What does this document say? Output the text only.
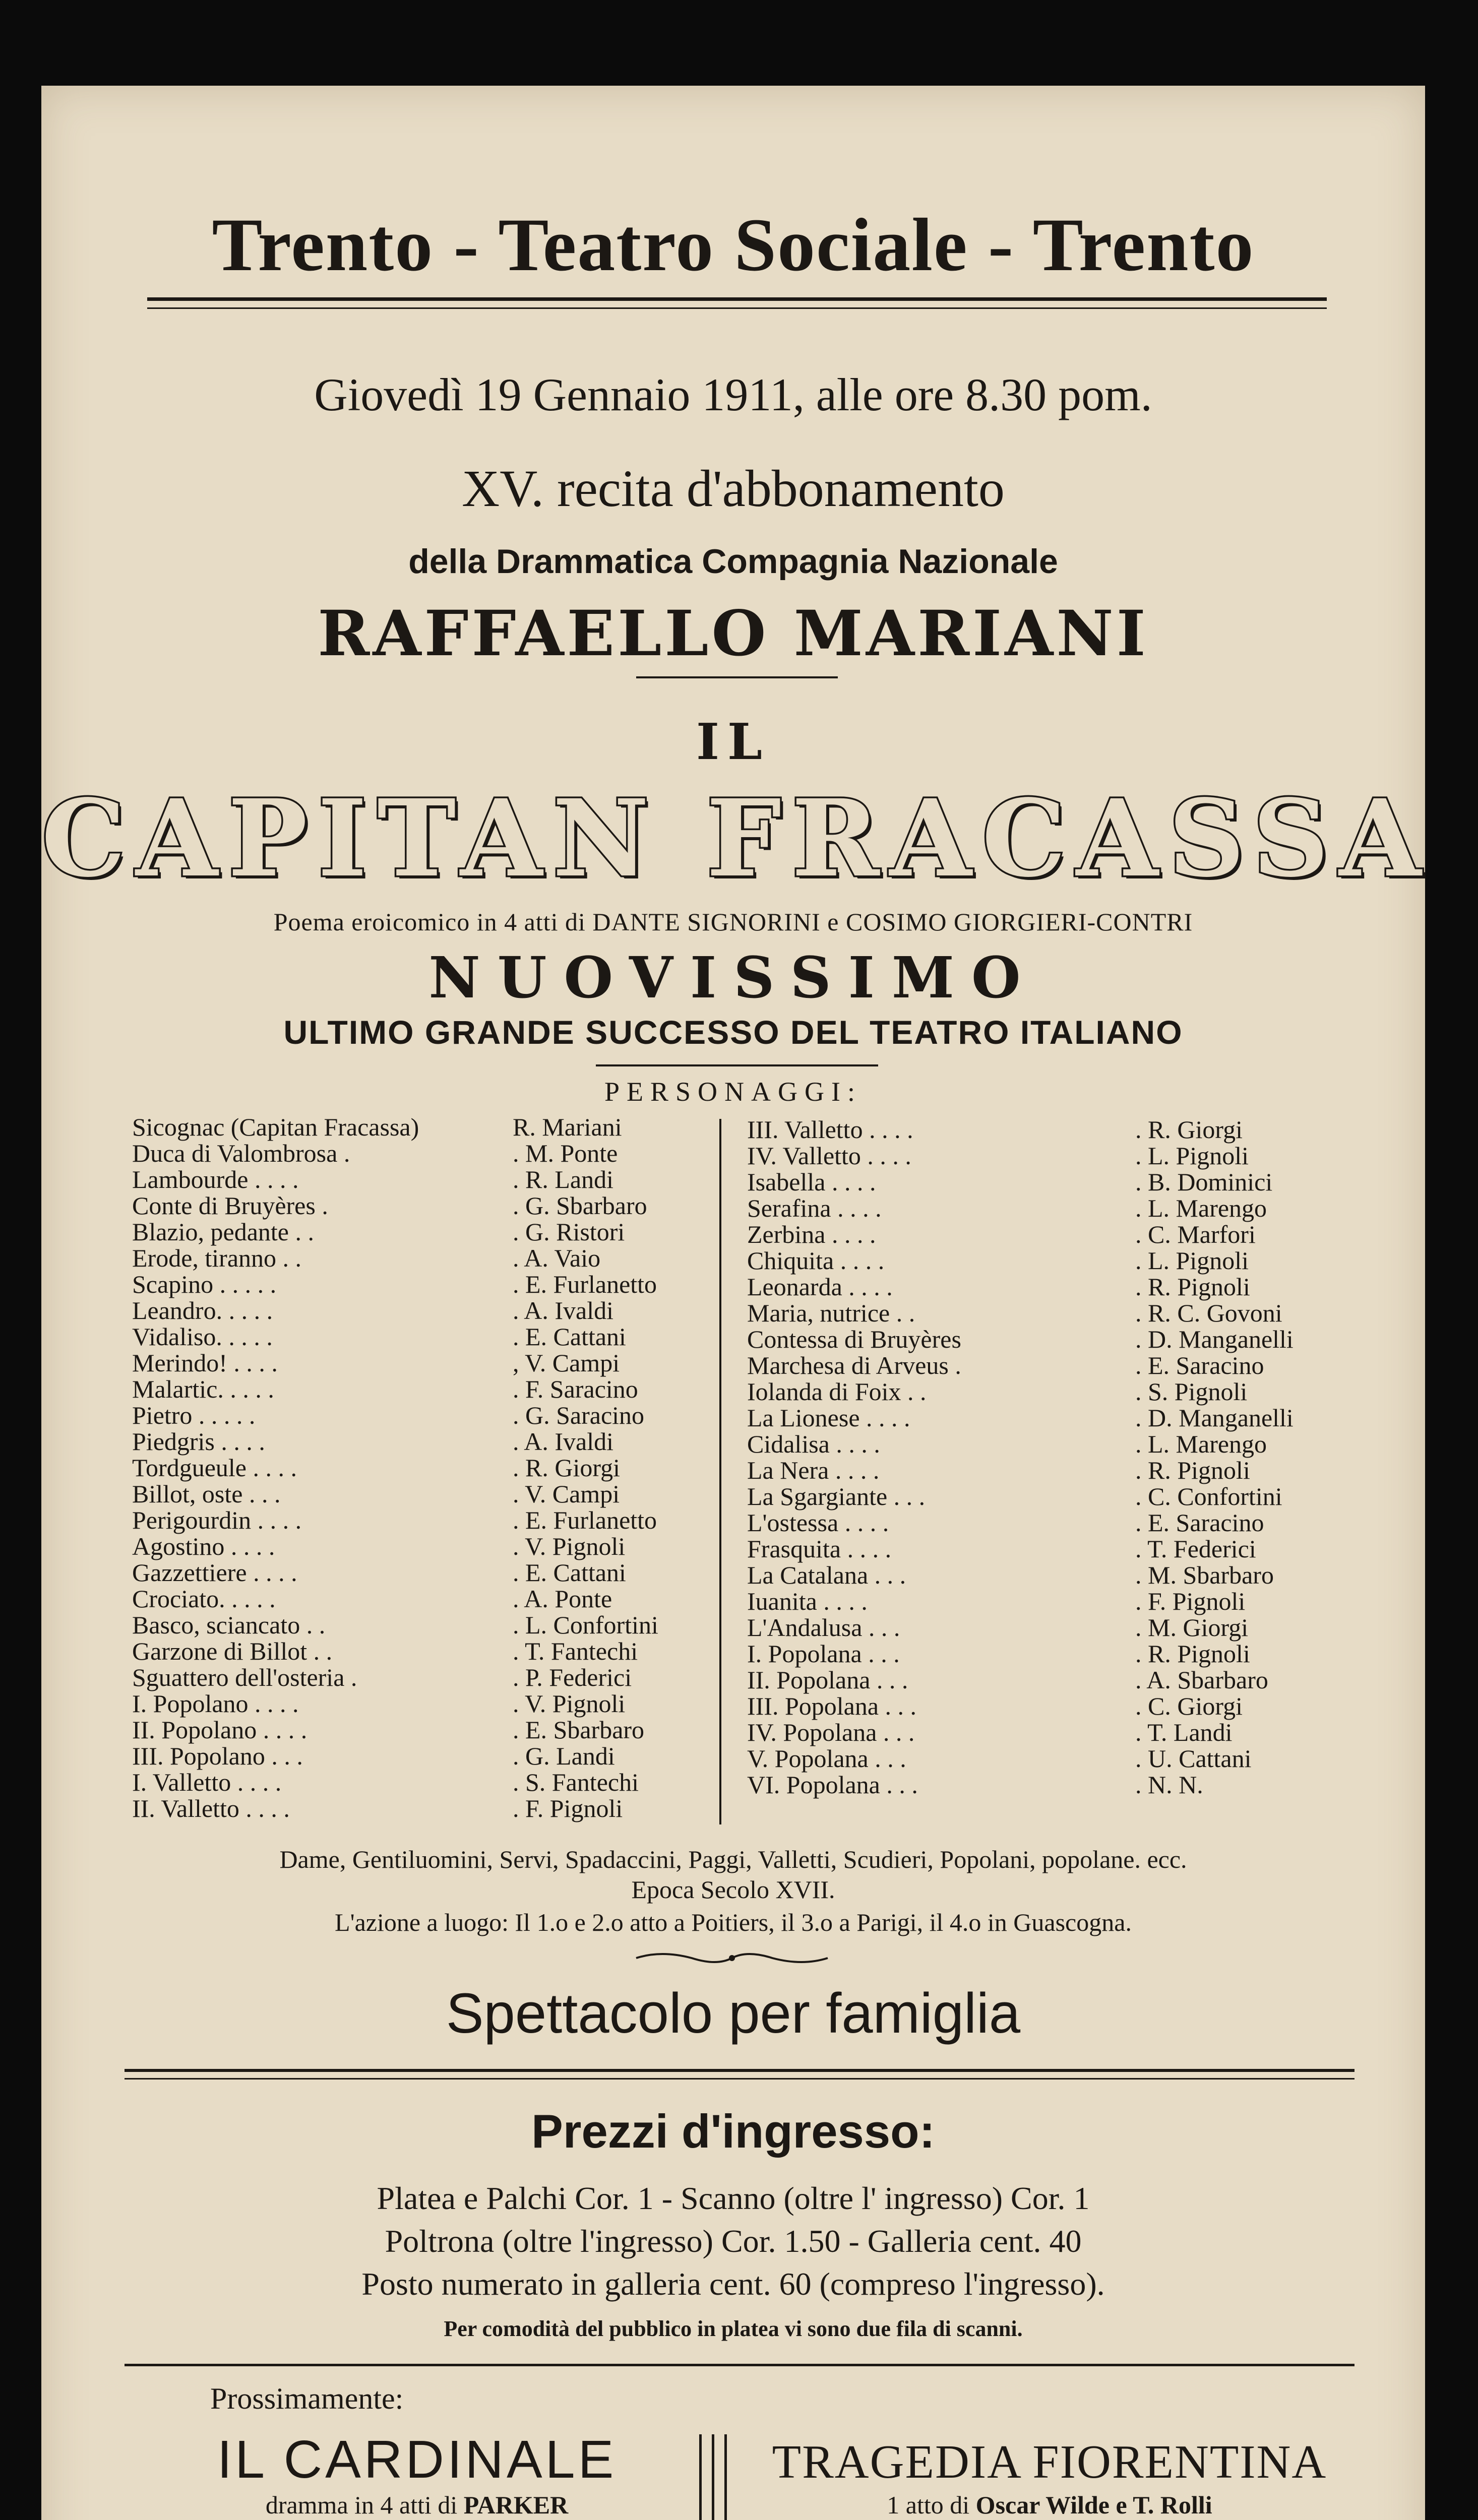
Trento - Teatro Sociale - Trento
Giovedì 19 Gennaio 1911, alle ore 8.30 pom.
XV. recita d'abbonamento
della Drammatica Compagnia Nazionale
RAFFAELLO MARIANI
IL
CAPITAN FRACASSA
Poema eroicomico in 4 atti di DANTE SIGNORINI e COSIMO GIORGIERI-CONTRI
NUOVISSIMO
ULTIMO GRANDE SUCCESSO DEL TEATRO ITALIANO
PERSONAGGI:
Sicognac (Capitan Fracassa)	R. Mariani
Duca di Valombrosa .	. M. Ponte
Lambourde . . . .	. R. Landi
Conte di Bruyères .	. G. Sbarbaro
Blazio, pedante . .	. G. Ristori
Erode, tiranno . .	. A. Vaio
Scapino . . . . .	. E. Furlanetto
Leandro. . . . .	. A. Ivaldi
Vidaliso. . . . .	. E. Cattani
Merindo! . . . .	, V. Campi
Malartic. . . . .	. F. Saracino
Pietro . . . . .	. G. Saracino
Piedgris . . . .	. A. Ivaldi
Tordgueule . . . .	. R. Giorgi
Billot, oste . . .	. V. Campi
Perigourdin . . . .	. E. Furlanetto
Agostino . . . .	. V. Pignoli
Gazzettiere . . . .	. E. Cattani
Crociato. . . . .	. A. Ponte
Basco, sciancato . .	. L. Confortini
Garzone di Billot . .	. T. Fantechi
Sguattero dell'osteria .	. P. Federici
I. Popolano . . . .	. V. Pignoli
II. Popolano . . . .	. E. Sbarbaro
III. Popolano . . .	. G. Landi
I. Valletto . . . .	. S. Fantechi
II. Valletto . . . .	. F. Pignoli
III. Valletto . . . .	. R. Giorgi
IV. Valletto . . . .	. L. Pignoli
Isabella . . . .	. B. Dominici
Serafina . . . .	. L. Marengo
Zerbina . . . .	. C. Marfori
Chiquita . . . .	. L. Pignoli
Leonarda . . . .	. R. Pignoli
Maria, nutrice . .	. R. C. Govoni
Contessa di Bruyères	. D. Manganelli
Marchesa di Arveus .	. E. Saracino
Iolanda di Foix . .	. S. Pignoli
La Lionese . . . .	. D. Manganelli
Cidalisa . . . .	. L. Marengo
La Nera . . . .	. R. Pignoli
La Sgargiante . . .	. C. Confortini
L'ostessa . . . .	. E. Saracino
Frasquita . . . .	. T. Federici
La Catalana . . .	. M. Sbarbaro
Iuanita . . . .	. F. Pignoli
L'Andalusa . . .	. M. Giorgi
I. Popolana . . .	. R. Pignoli
II. Popolana . . .	. A. Sbarbaro
III. Popolana . . .	. C. Giorgi
IV. Popolana . . .	. T. Landi
V. Popolana . . .	. U. Cattani
VI. Popolana . . .	. N. N.
Dame, Gentiluomini, Servi, Spadaccini, Paggi, Valletti, Scudieri, Popolani, popolane. ecc.
Epoca Secolo XVII.
L'azione a luogo: Il 1.o e 2.o atto a Poitiers, il 3.o a Parigi, il 4.o in Guascogna.
Spettacolo per famiglia
Prezzi d'ingresso:
Platea e Palchi Cor. 1 - Scanno (oltre l' ingresso) Cor. 1
Poltrona (oltre l'ingresso) Cor. 1.50 - Galleria cent. 40
Posto numerato in galleria cent. 60 (compreso l'ingresso).
Per comodità del pubblico in platea vi sono due fila di scanni.
Prossimamente:
IL CARDINALE
dramma in 4 atti di PARKER
TRAGEDIA FIORENTINA
1 atto di Oscar Wilde e T. Rolli
